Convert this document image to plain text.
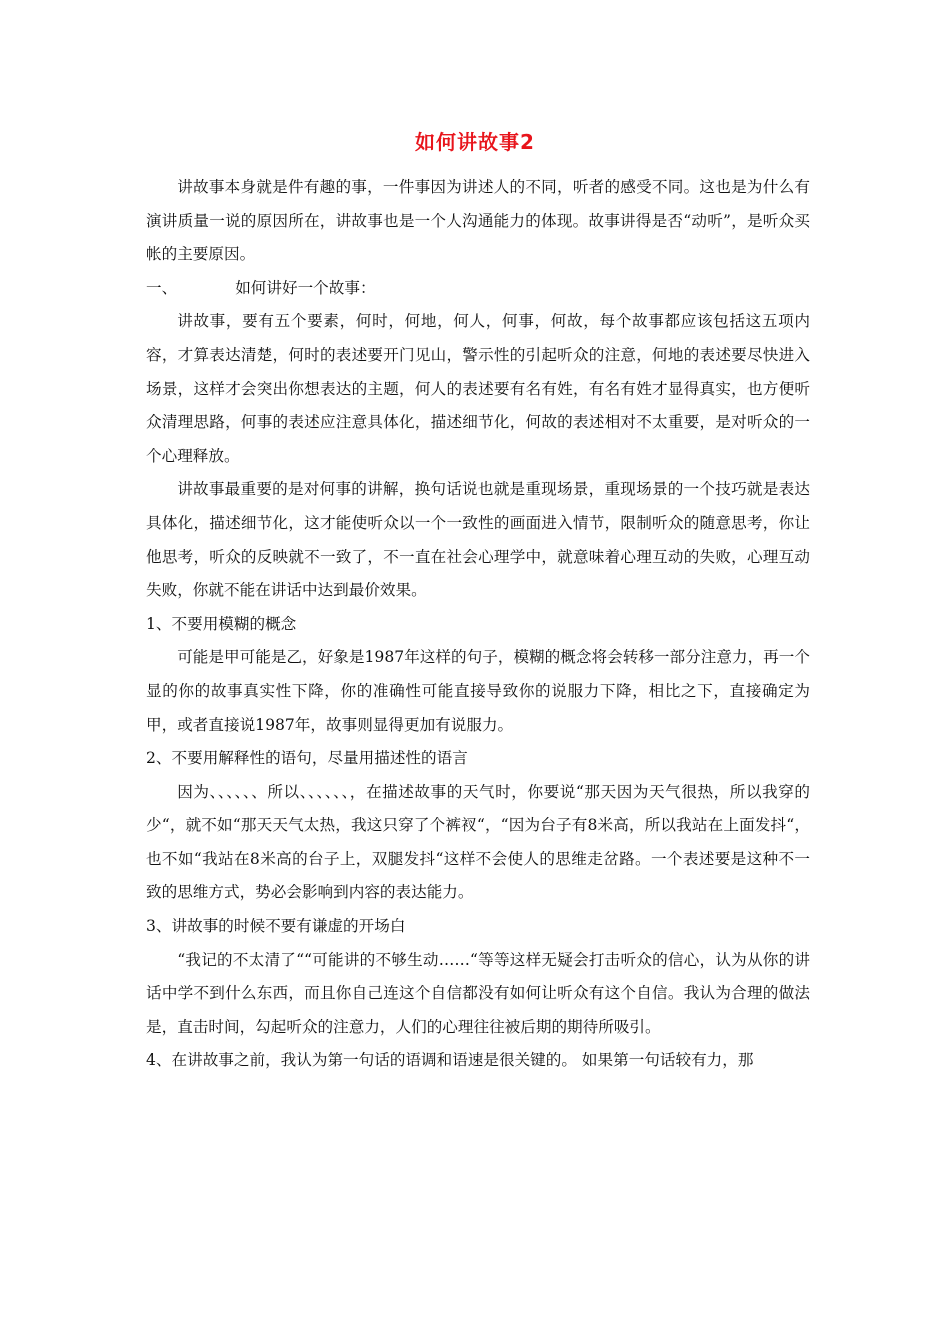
如何讲故事2

讲故事本身就是件有趣的事，一件事因为讲述人的不同，听者的感受不同。这也是为什么有演讲质量一说的原因所在，讲故事也是一个人沟通能力的体现。故事讲得是否“动听”，是听众买帐的主要原因。

一、	如何讲好一个故事：

讲故事，要有五个要素，何时，何地，何人，何事，何故，每个故事都应该包括这五项内容，才算表达清楚，何时的表述要开门见山，警示性的引起听众的注意，何地的表述要尽快进入场景，这样才会突出你想表达的主题，何人的表述要有名有姓，有名有姓才显得真实，也方便听众清理思路，何事的表述应注意具体化，描述细节化，何故的表述相对不太重要，是对听众的一个心理释放。

讲故事最重要的是对何事的讲解，换句话说也就是重现场景，重现场景的一个技巧就是表达具体化，描述细节化，这才能使听众以一个一致性的画面进入情节，限制听众的随意思考，你让他思考，听众的反映就不一致了，不一直在社会心理学中，就意味着心理互动的失败，心理互动失败，你就不能在讲话中达到最价效果。

1、不要用模糊的概念

可能是甲可能是乙，好象是1987年这样的句子，模糊的概念将会转移一部分注意力，再一个显的你的故事真实性下降，你的准确性可能直接导致你的说服力下降，相比之下，直接确定为甲，或者直接说1987年，故事则显得更加有说服力。

2、不要用解释性的语句，尽量用描述性的语言

因为、、、、、、所以、、、、、、，在描述故事的天气时，你要说“那天因为天气很热，所以我穿的少“，就不如“那天天气太热，我这只穿了个裤衩“，“因为台子有8米高，所以我站在上面发抖“，也不如“我站在8米高的台子上，双腿发抖“这样不会使人的思维走岔路。一个表述要是这种不一致的思维方式，势必会影响到内容的表达能力。

3、讲故事的时候不要有谦虚的开场白

“我记的不太清了““可能讲的不够生动……“等等这样无疑会打击听众的信心，认为从你的讲话中学不到什么东西，而且你自己连这个自信都没有如何让听众有这个自信。我认为合理的做法是，直击时间，勾起听众的注意力，人们的心理往往被后期的期待所吸引。

4、在讲故事之前，我认为第一句话的语调和语速是很关键的。 如果第一句话较有力，那
